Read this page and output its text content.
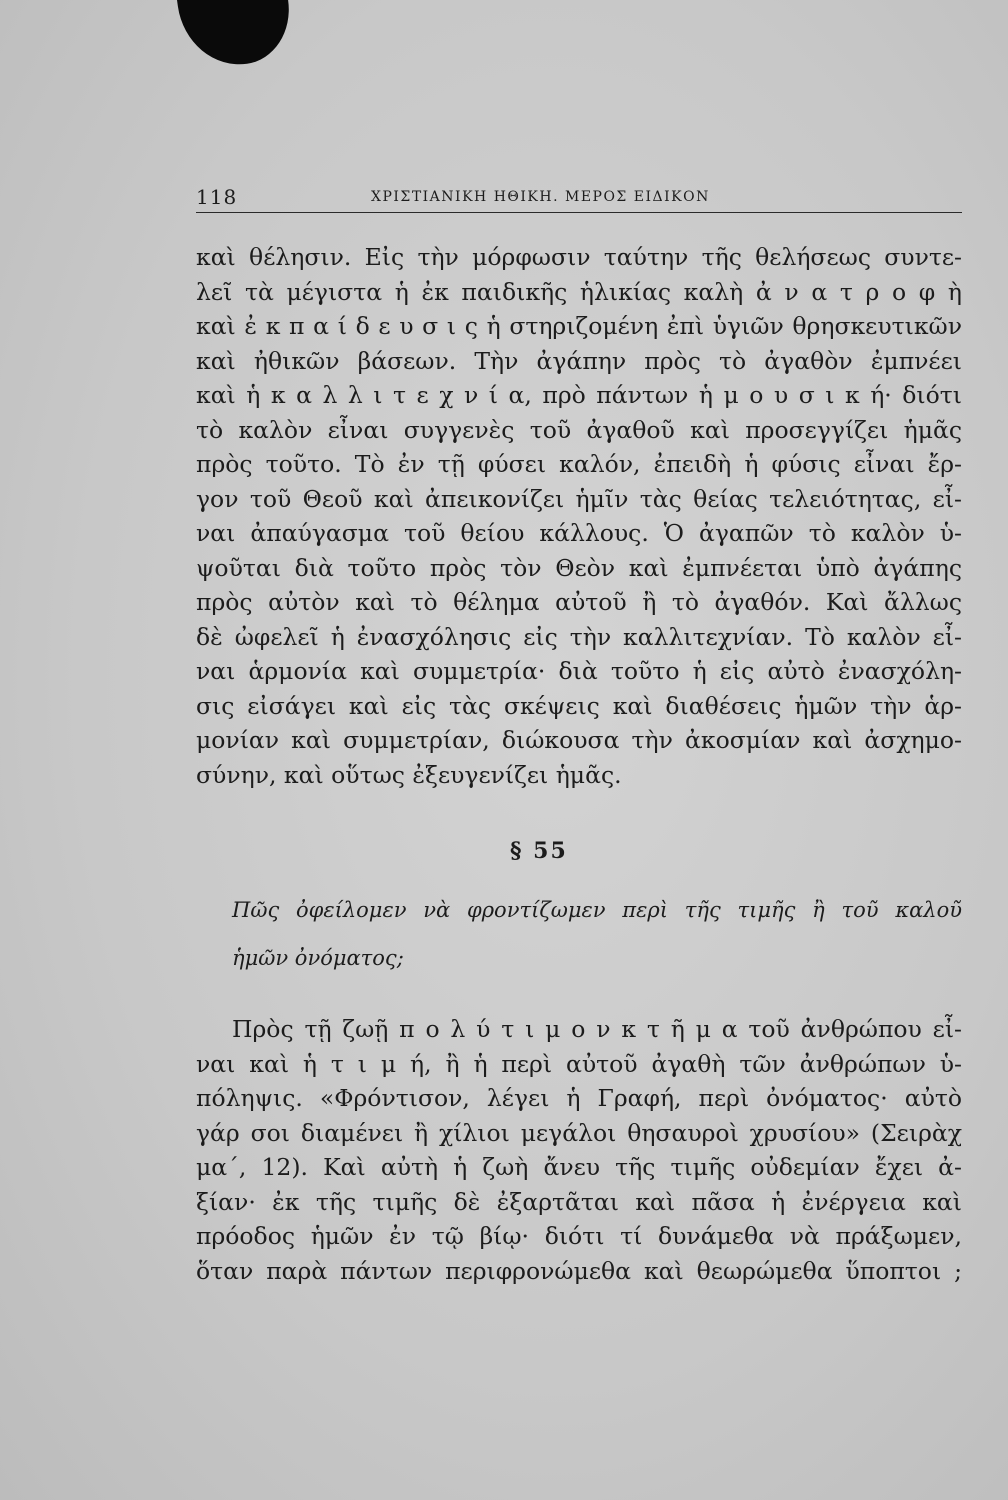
118	ΧΡΙΣΤΙΑΝΙΚΗ ΗΘΙΚΗ. ΜΕΡΟΣ ΕΙΔΙΚΟΝ
καὶ θέλησιν. Εἰς τὴν μόρφωσιν ταύτην τῆς θελήσεως συντε-
λεῖ τὰ μέγιστα ἡ ἐκ παιδικῆς ἡλικίας καλὴ ἀ ν α τ ρ ο φ ὴ
καὶ ἐ κ π α ί δ ε υ σ ι ς ἡ στηριζομένη ἐπὶ ὑγιῶν θρησκευτικῶν
καὶ ἠθικῶν βάσεων. Τὴν ἀγάπην πρὸς τὸ ἀγαθὸν ἐμπνέει
καὶ ἡ κ α λ λ ι τ ε χ ν ί α, πρὸ πάντων ἡ μ ο υ σ ι κ ή· διότι
τὸ καλὸν εἶναι συγγενὲς τοῦ ἀγαθοῦ καὶ προσεγγίζει ἡμᾶς
πρὸς τοῦτο. Τὸ ἐν τῇ φύσει καλόν, ἐπειδὴ ἡ φύσις εἶναι ἔρ-
γον τοῦ Θεοῦ καὶ ἀπεικονίζει ἡμῖν τὰς θείας τελειότητας, εἶ-
ναι ἀπαύγασμα τοῦ θείου κάλλους. Ὁ ἀγαπῶν τὸ καλὸν ὑ-
ψοῦται διὰ τοῦτο πρὸς τὸν Θεὸν καὶ ἐμπνέεται ὑπὸ ἀγάπης
πρὸς αὐτὸν καὶ τὸ θέλημα αὐτοῦ ἢ τὸ ἀγαθόν. Καὶ ἄλλως
δὲ ὠφελεῖ ἡ ἐνασχόλησις εἰς τὴν καλλιτεχνίαν. Τὸ καλὸν εἶ-
ναι ἁρμονία καὶ συμμετρία· διὰ τοῦτο ἡ εἰς αὐτὸ ἐνασχόλη-
σις εἰσάγει καὶ εἰς τὰς σκέψεις καὶ διαθέσεις ἡμῶν τὴν ἁρ-
μονίαν καὶ συμμετρίαν, διώκουσα τὴν ἀκοσμίαν καὶ ἀσχημο-
σύνην, καὶ οὕτως ἐξευγενίζει ἡμᾶς.
§ 55
Πῶς ὀφείλομεν νὰ φροντίζωμεν περὶ τῆς τιμῆς ἢ τοῦ καλοῦ
ἡμῶν ὀνόματος;
Πρὸς τῇ ζωῇ π ο λ ύ τ ι μ ο ν κ τ ῆ μ α τοῦ ἀνθρώπου εἶ-
ναι καὶ ἡ τ ι μ ή, ἢ ἡ περὶ αὐτοῦ ἀγαθὴ τῶν ἀνθρώπων ὑ-
πόληψις. «Φρόντισον, λέγει ἡ Γραφή, περὶ ὀνόματος· αὐτὸ
γάρ σοι διαμένει ἢ χίλιοι μεγάλοι θησαυροὶ χρυσίου» (Σειρὰχ
μα΄, 12). Καὶ αὐτὴ ἡ ζωὴ ἄνευ τῆς τιμῆς οὐδεμίαν ἔχει ἀ-
ξίαν· ἐκ τῆς τιμῆς δὲ ἐξαρτᾶται καὶ πᾶσα ἡ ἐνέργεια καὶ
πρόοδος ἡμῶν ἐν τῷ βίῳ· διότι τί δυνάμεθα νὰ πράξωμεν,
ὅταν παρὰ πάντων περιφρονώμεθα καὶ θεωρώμεθα ὕποπτοι ;
